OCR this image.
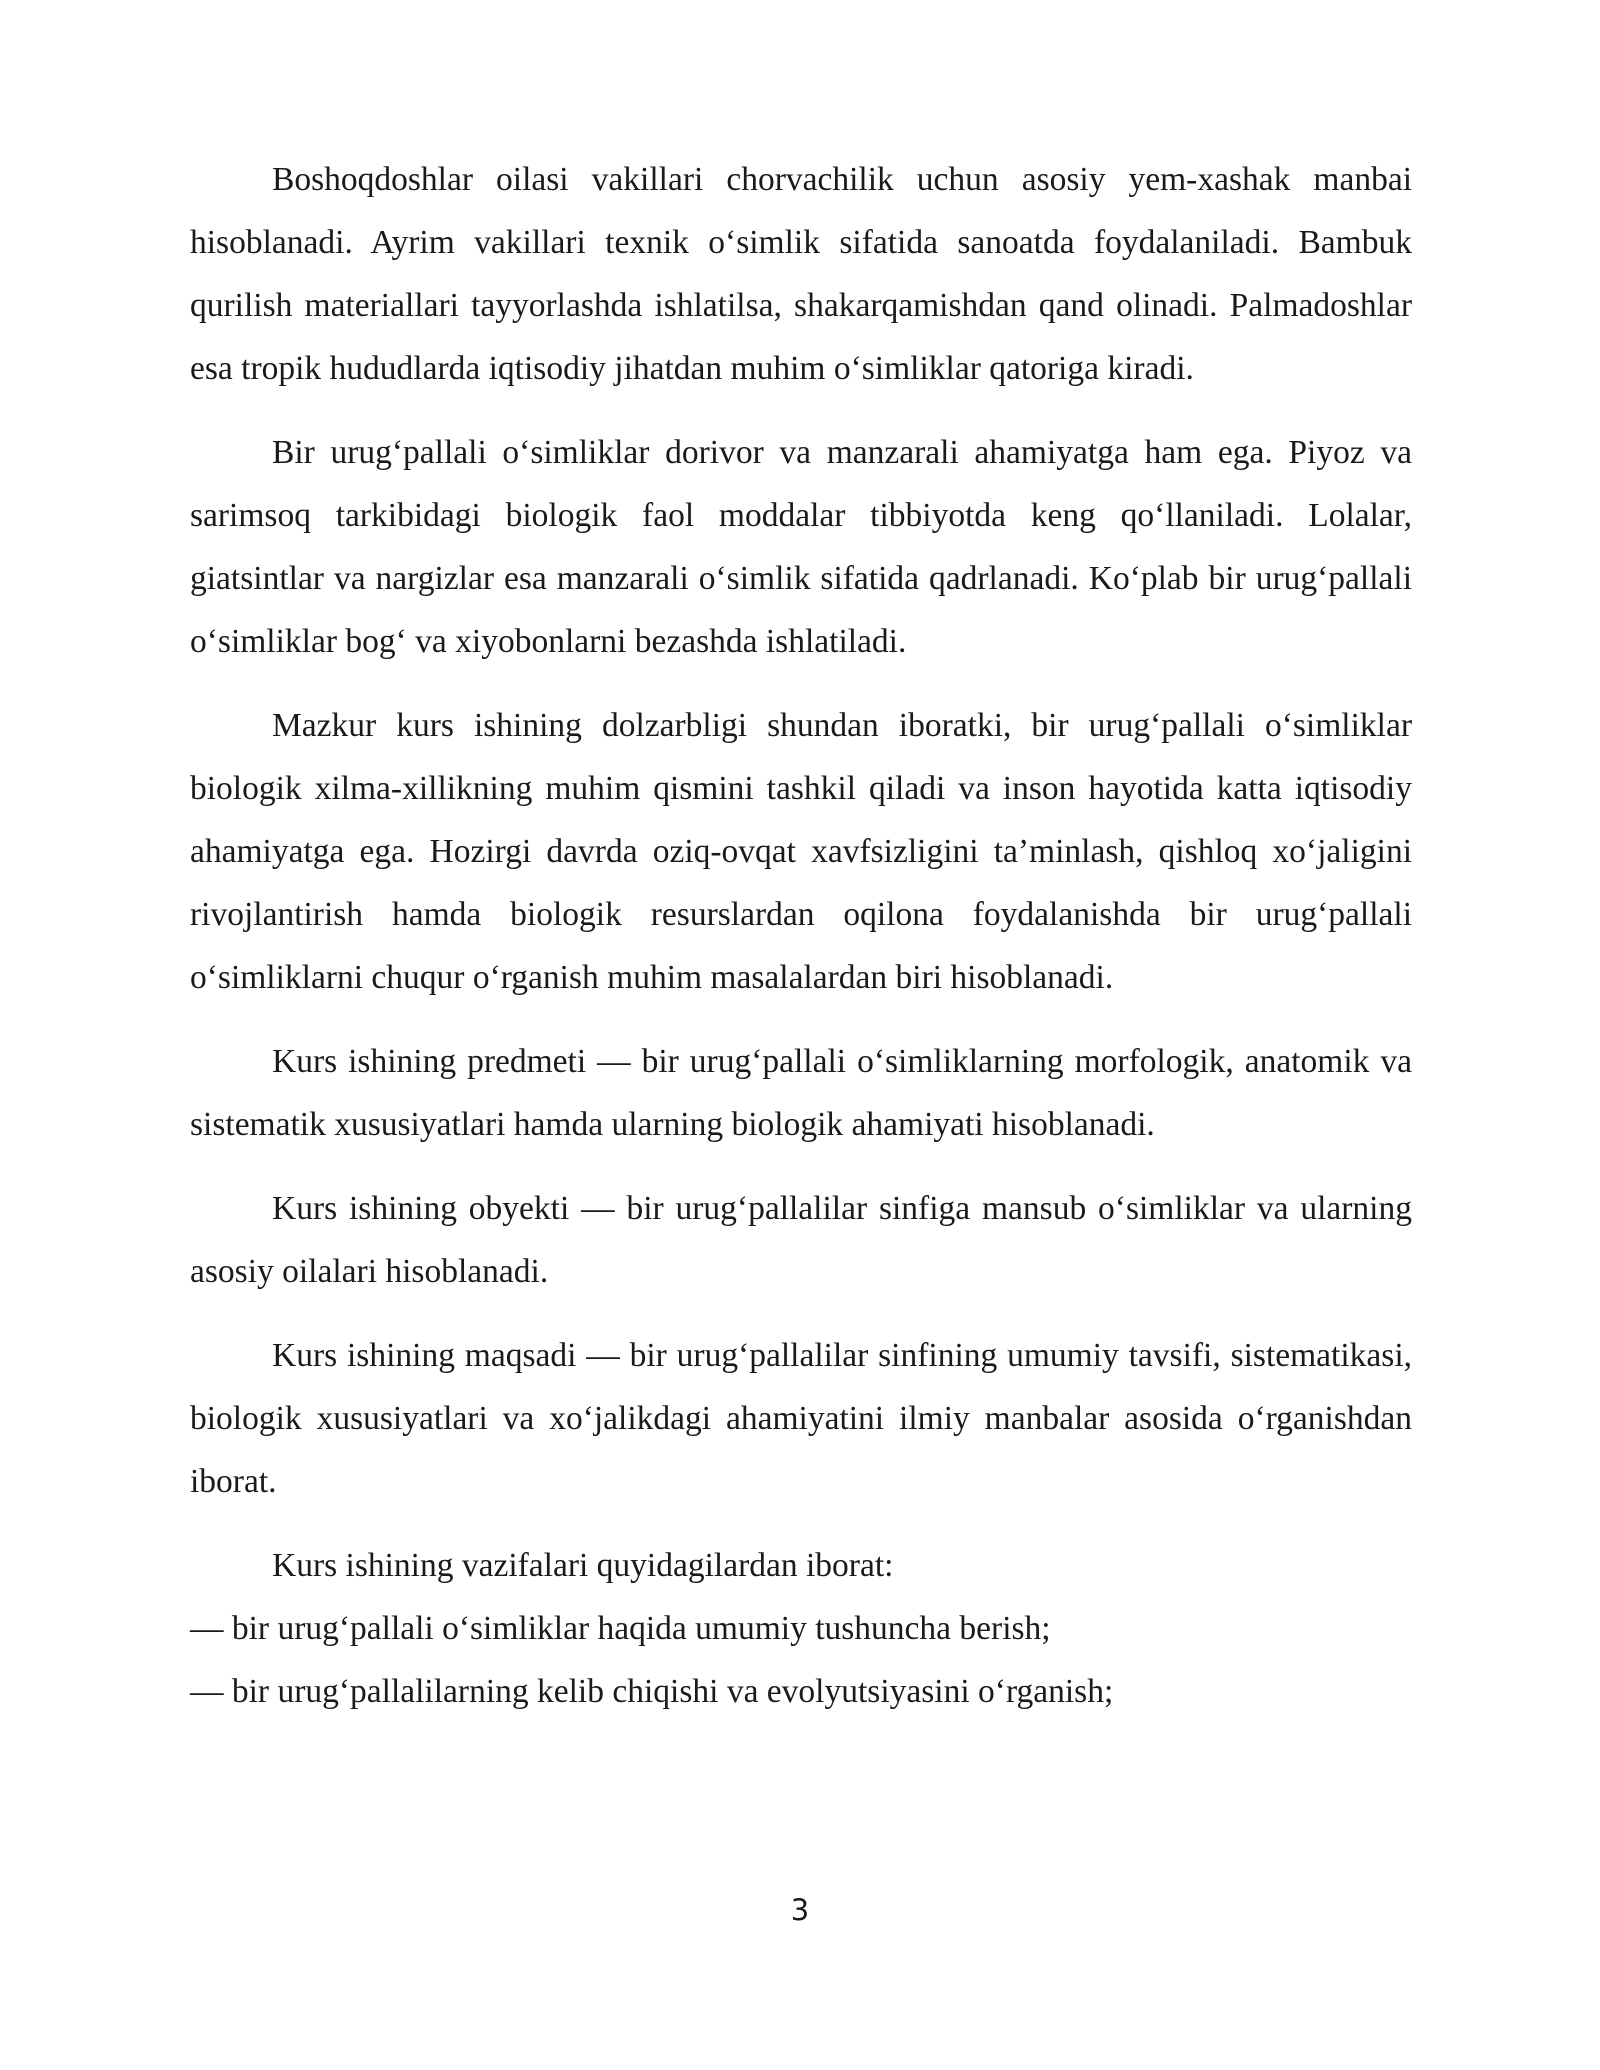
Boshoqdoshlar oilasi vakillari chorvachilik uchun asosiy yem-xashak manbai hisoblanadi. Ayrim vakillari texnik o‘simlik sifatida sanoatda foydalaniladi. Bambuk qurilish materiallari tayyorlashda ishlatilsa, shakarqamishdan qand olinadi. Palmadoshlar esa tropik hududlarda iqtisodiy jihatdan muhim o‘simliklar qatoriga kiradi.

Bir urug‘pallali o‘simliklar dorivor va manzarali ahamiyatga ham ega. Piyoz va sarimsoq tarkibidagi biologik faol moddalar tibbiyotda keng qo‘llaniladi. Lolalar, giatsintlar va nargizlar esa manzarali o‘simlik sifatida qadrlanadi. Ko‘plab bir urug‘pallali o‘simliklar bog‘ va xiyobonlarni bezashda ishlatiladi.

Mazkur kurs ishining dolzarbligi shundan iboratki, bir urug‘pallali o‘simliklar biologik xilma-xillikning muhim qismini tashkil qiladi va inson hayotida katta iqtisodiy ahamiyatga ega. Hozirgi davrda oziq-ovqat xavfsizligini ta’minlash, qishloq xo‘jaligini rivojlantirish hamda biologik resurslardan oqilona foydalanishda bir urug‘pallali o‘simliklarni chuqur o‘rganish muhim masalalardan biri hisoblanadi.

Kurs ishining predmeti — bir urug‘pallali o‘simliklarning morfologik, anatomik va sistematik xususiyatlari hamda ularning biologik ahamiyati hisoblanadi.

Kurs ishining obyekti — bir urug‘pallalilar sinfiga mansub o‘simliklar va ularning asosiy oilalari hisoblanadi.

Kurs ishining maqsadi — bir urug‘pallalilar sinfining umumiy tavsifi, sistematikasi, biologik xususiyatlari va xo‘jalikdagi ahamiyatini ilmiy manbalar asosida o‘rganishdan iborat.

Kurs ishining vazifalari quyidagilardan iborat:

— bir urug‘pallali o‘simliklar haqida umumiy tushuncha berish;
— bir urug‘pallalilarning kelib chiqishi va evolyutsiyasini o‘rganish;
3
